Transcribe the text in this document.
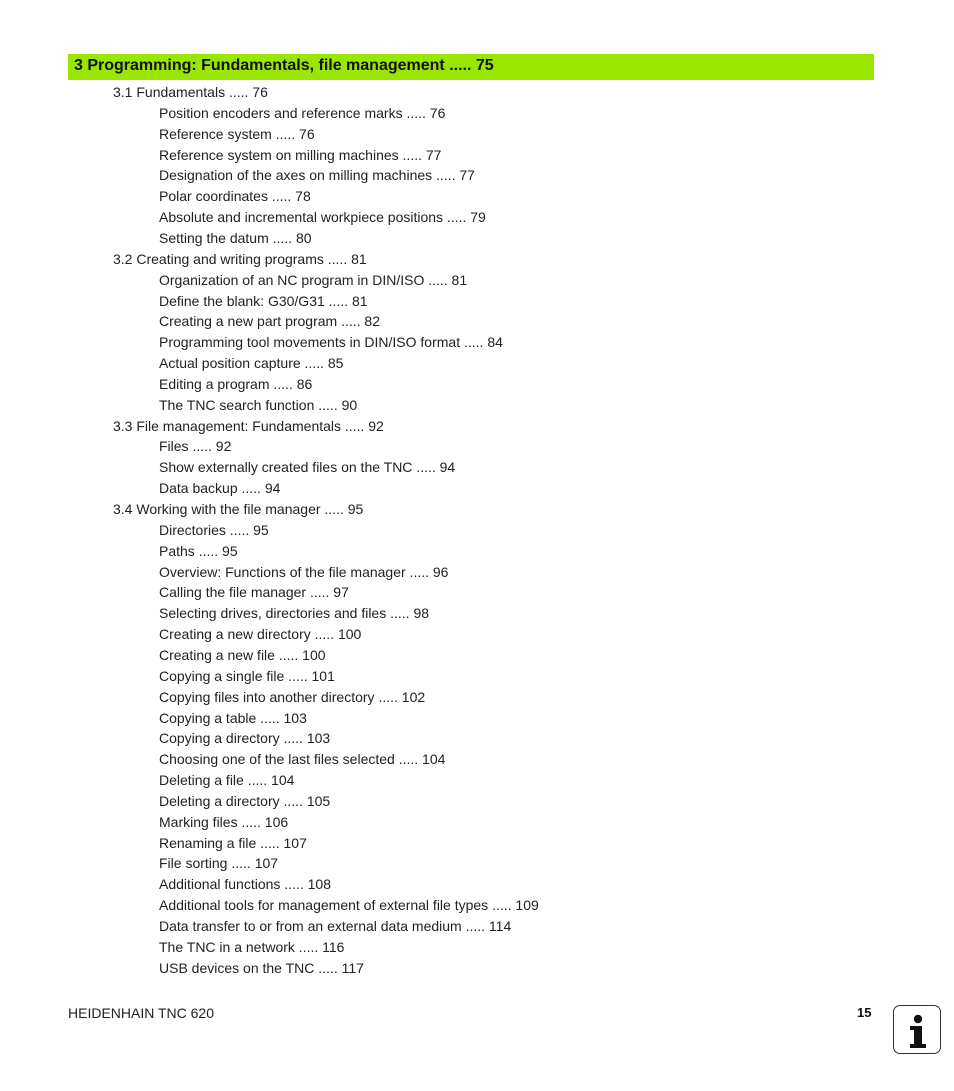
3 Programming: Fundamentals, file management ..... 75
3.1 Fundamentals ..... 76
Position encoders and reference marks ..... 76
Reference system ..... 76
Reference system on milling machines ..... 77
Designation of the axes on milling machines ..... 77
Polar coordinates ..... 78
Absolute and incremental workpiece positions ..... 79
Setting the datum ..... 80
3.2 Creating and writing programs ..... 81
Organization of an NC program in DIN/ISO ..... 81
Define the blank: G30/G31 ..... 81
Creating a new part program ..... 82
Programming tool movements in DIN/ISO format ..... 84
Actual position capture ..... 85
Editing a program ..... 86
The TNC search function ..... 90
3.3 File management: Fundamentals ..... 92
Files ..... 92
Show externally created files on the TNC ..... 94
Data backup ..... 94
3.4 Working with the file manager ..... 95
Directories ..... 95
Paths ..... 95
Overview: Functions of the file manager ..... 96
Calling the file manager ..... 97
Selecting drives, directories and files ..... 98
Creating a new directory ..... 100
Creating a new file ..... 100
Copying a single file ..... 101
Copying files into another directory ..... 102
Copying a table ..... 103
Copying a directory ..... 103
Choosing one of the last files selected ..... 104
Deleting a file ..... 104
Deleting a directory ..... 105
Marking files ..... 106
Renaming a file ..... 107
File sorting ..... 107
Additional functions ..... 108
Additional tools for management of external file types ..... 109
Data transfer to or from an external data medium ..... 114
The TNC in a network ..... 116
USB devices on the TNC ..... 117
HEIDENHAIN TNC 620	15
